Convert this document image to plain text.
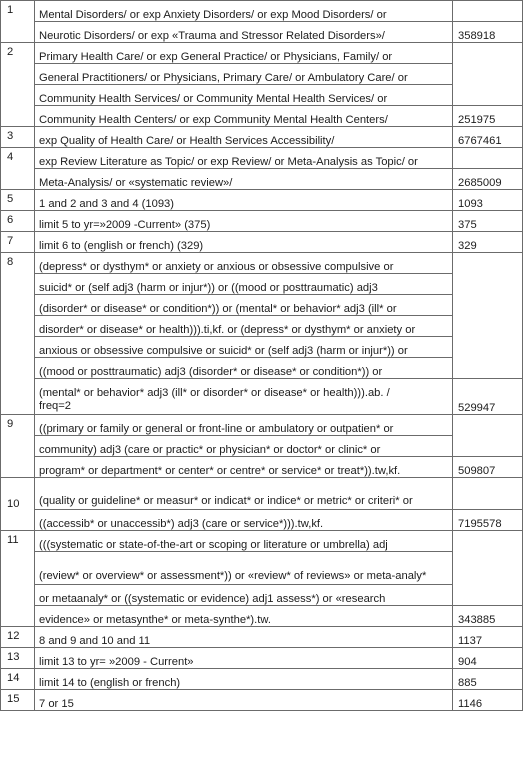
1	Mental Disorders/ or exp Anxiety Disorders/ or exp Mood Disorders/ or	
	Neurotic Disorders/ or exp «Trauma and Stressor Related Disorders»/	358918
2	Primary Health Care/ or exp General Practice/ or Physicians, Family/ or	
	General Practitioners/ or Physicians, Primary Care/ or Ambulatory Care/ or	
	Community Health Services/ or Community Mental Health Services/ or	
	Community Health Centers/ or exp Community Mental Health Centers/	251975
3	exp Quality of Health Care/ or Health Services Accessibility/	6767461
4	exp Review Literature as Topic/ or exp Review/ or Meta-Analysis as Topic/ or	
	Meta-Analysis/ or «systematic review»/	2685009
5	1 and 2 and 3 and 4 (1093)	1093
6	limit 5 to yr=»2009 -Current» (375)	375
7	limit 6 to (english or french) (329)	329
8	(depress* or dysthym* or anxiety or anxious or obsessive compulsive or	
	suicid* or (self adj3 (harm or injur*)) or ((mood or posttraumatic) adj3	
	(disorder* or disease* or condition*)) or (mental* or behavior* adj3 (ill* or	
	disorder* or disease* or health))).ti,kf. or (depress* or dysthym* or anxiety or	
	anxious or obsessive compulsive or suicid* or (self adj3 (harm or injur*)) or	
	((mood or posttraumatic) adj3 (disorder* or disease* or condition*)) or	
	(mental* or behavior* adj3 (ill* or disorder* or disease* or health))).ab. /
freq=2	529947
9	((primary or family or general or front-line or ambulatory or outpatien* or	
	community) adj3 (care or practic* or physician* or doctor* or clinic* or	
	program* or department* or center* or centre* or service* or treat*)).tw,kf.	509807
10	(quality or guideline* or measur* or indicat* or indice* or metric* or criteri* or	
	((accessib* or unaccessib*) adj3 (care or service*))).tw,kf.	7195578
11	(((systematic or state-of-the-art or scoping or literature or umbrella) adj	
	(review* or overview* or assessment*)) or «review* of reviews» or meta-analy*	
	or metaanaly* or ((systematic or evidence) adj1 assess*) or «research	
	evidence» or metasynthe* or meta-synthe*).tw.	343885
12	8 and 9 and 10 and 11	1137
13	limit 13 to yr= »2009 - Current»	904
14	limit 14 to (english or french)	885
15	7 or 15	1146
